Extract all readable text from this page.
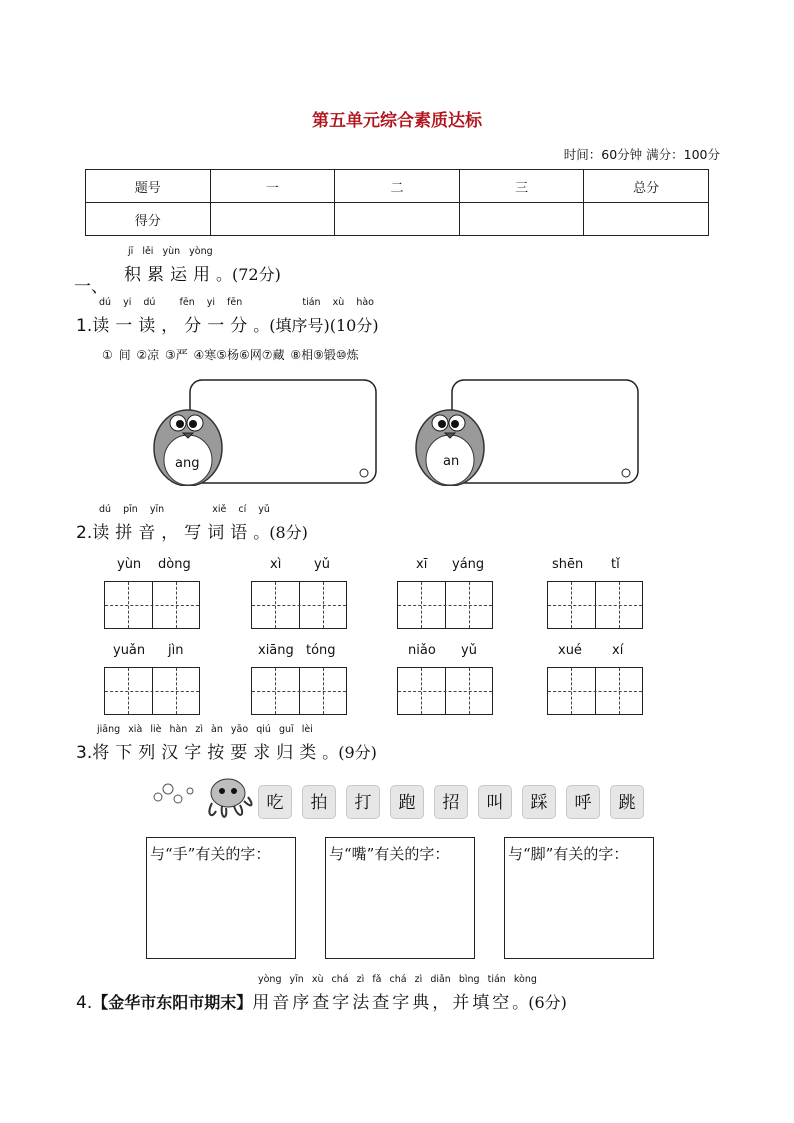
第五单元综合素质达标
时间：60分钟 满分：100分
题号	一	二	三	总分
得分				
一、
jī lěi yùn yòng
积累运用。(72分)
dú yi dú	fēn yi fēn	tián xù hào
1.读一读，分一分。(填序号)(10分)
① 间 ②凉 ③严 ④寒⑤杨⑥网⑦藏 ⑧相⑨锻⑩炼
ang	an
dú pīn yīn	xiě cí yǔ
2.读拼音，写词语。(8分)
yùn dòng	xì	yǔ	xī yáng	shēn tǐ
yuǎn jìn	xiāng tóng	niǎo yǔ	xué xí
jiāng xià liè hàn zì àn yāo qiú guī lèi
3.将下列汉字按要求归类。(9分)
吃	拍	打	跑	招	叫	踩	呼	跳
与“手”有关的字：	与“嘴”有关的字：	与“脚”有关的字：
yòng yīn xù chá zì fǎ chá zì diǎn bìng tián kòng
4.【金华市东阳市期末】用音序查字法查字典，并填空。(6分)
